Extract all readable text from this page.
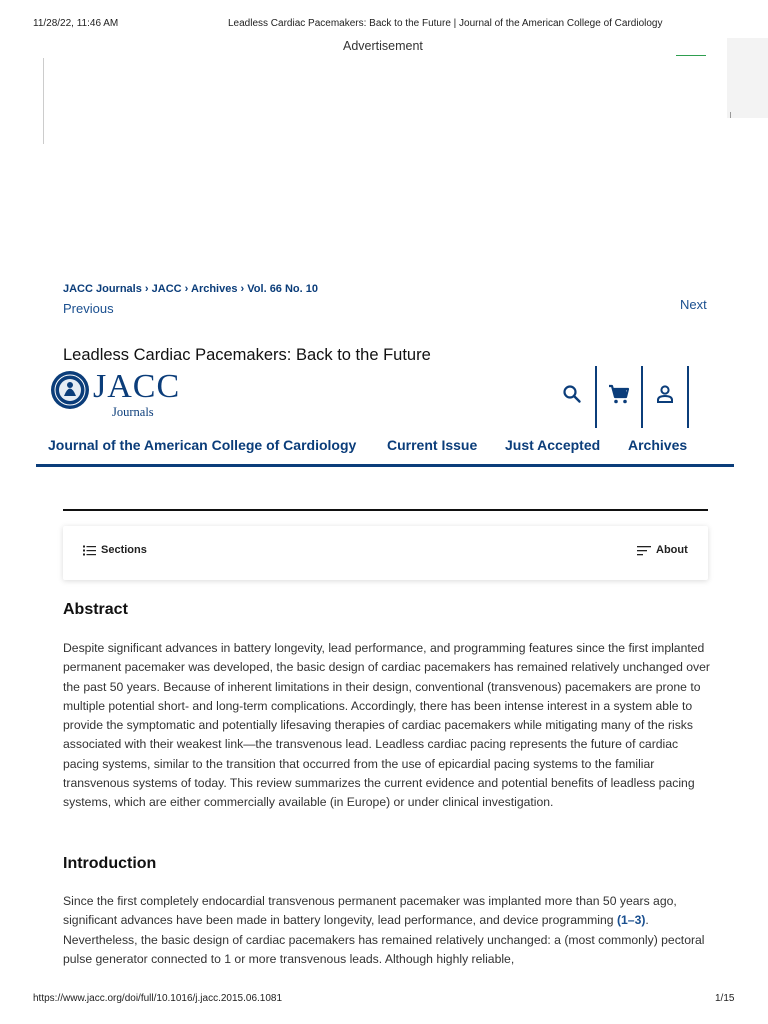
11/28/22, 11:46 AM	Leadless Cardiac Pacemakers: Back to the Future | Journal of the American College of Cardiology
Advertisement
JACC Journals › JACC › Archives › Vol. 66 No. 10
Previous	Next
Leadless Cardiac Pacemakers: Back to the Future
JACC
Journals
Journal of the American College of Cardiology Current Issue Just Accepted Archives
Sections	About
Abstract

Despite significant advances in battery longevity, lead performance, and programming features since the first implanted permanent pacemaker was developed, the basic design of cardiac pacemakers has remained relatively unchanged over the past 50 years. Because of inherent limitations in their design, conventional (transvenous) pacemakers are prone to multiple potential short- and long-term complications. Accordingly, there has been intense interest in a system able to provide the symptomatic and potentially lifesaving therapies of cardiac pacemakers while mitigating many of the risks associated with their weakest link—the transvenous lead. Leadless cardiac pacing represents the future of cardiac pacing systems, similar to the transition that occurred from the use of epicardial pacing systems to the familiar transvenous systems of today. This review summarizes the current evidence and potential benefits of leadless pacing systems, which are either commercially available (in Europe) or under clinical investigation.

Introduction

Since the first completely endocardial transvenous permanent pacemaker was implanted more than 50 years ago, significant advances have been made in battery longevity, lead performance, and device programming (1–3). Nevertheless, the basic design of cardiac pacemakers has remained relatively unchanged: a (most commonly) pectoral pulse generator connected to 1 or more transvenous leads. Although highly reliable,

https://www.jacc.org/doi/full/10.1016/j.jacc.2015.06.1081	1/15
